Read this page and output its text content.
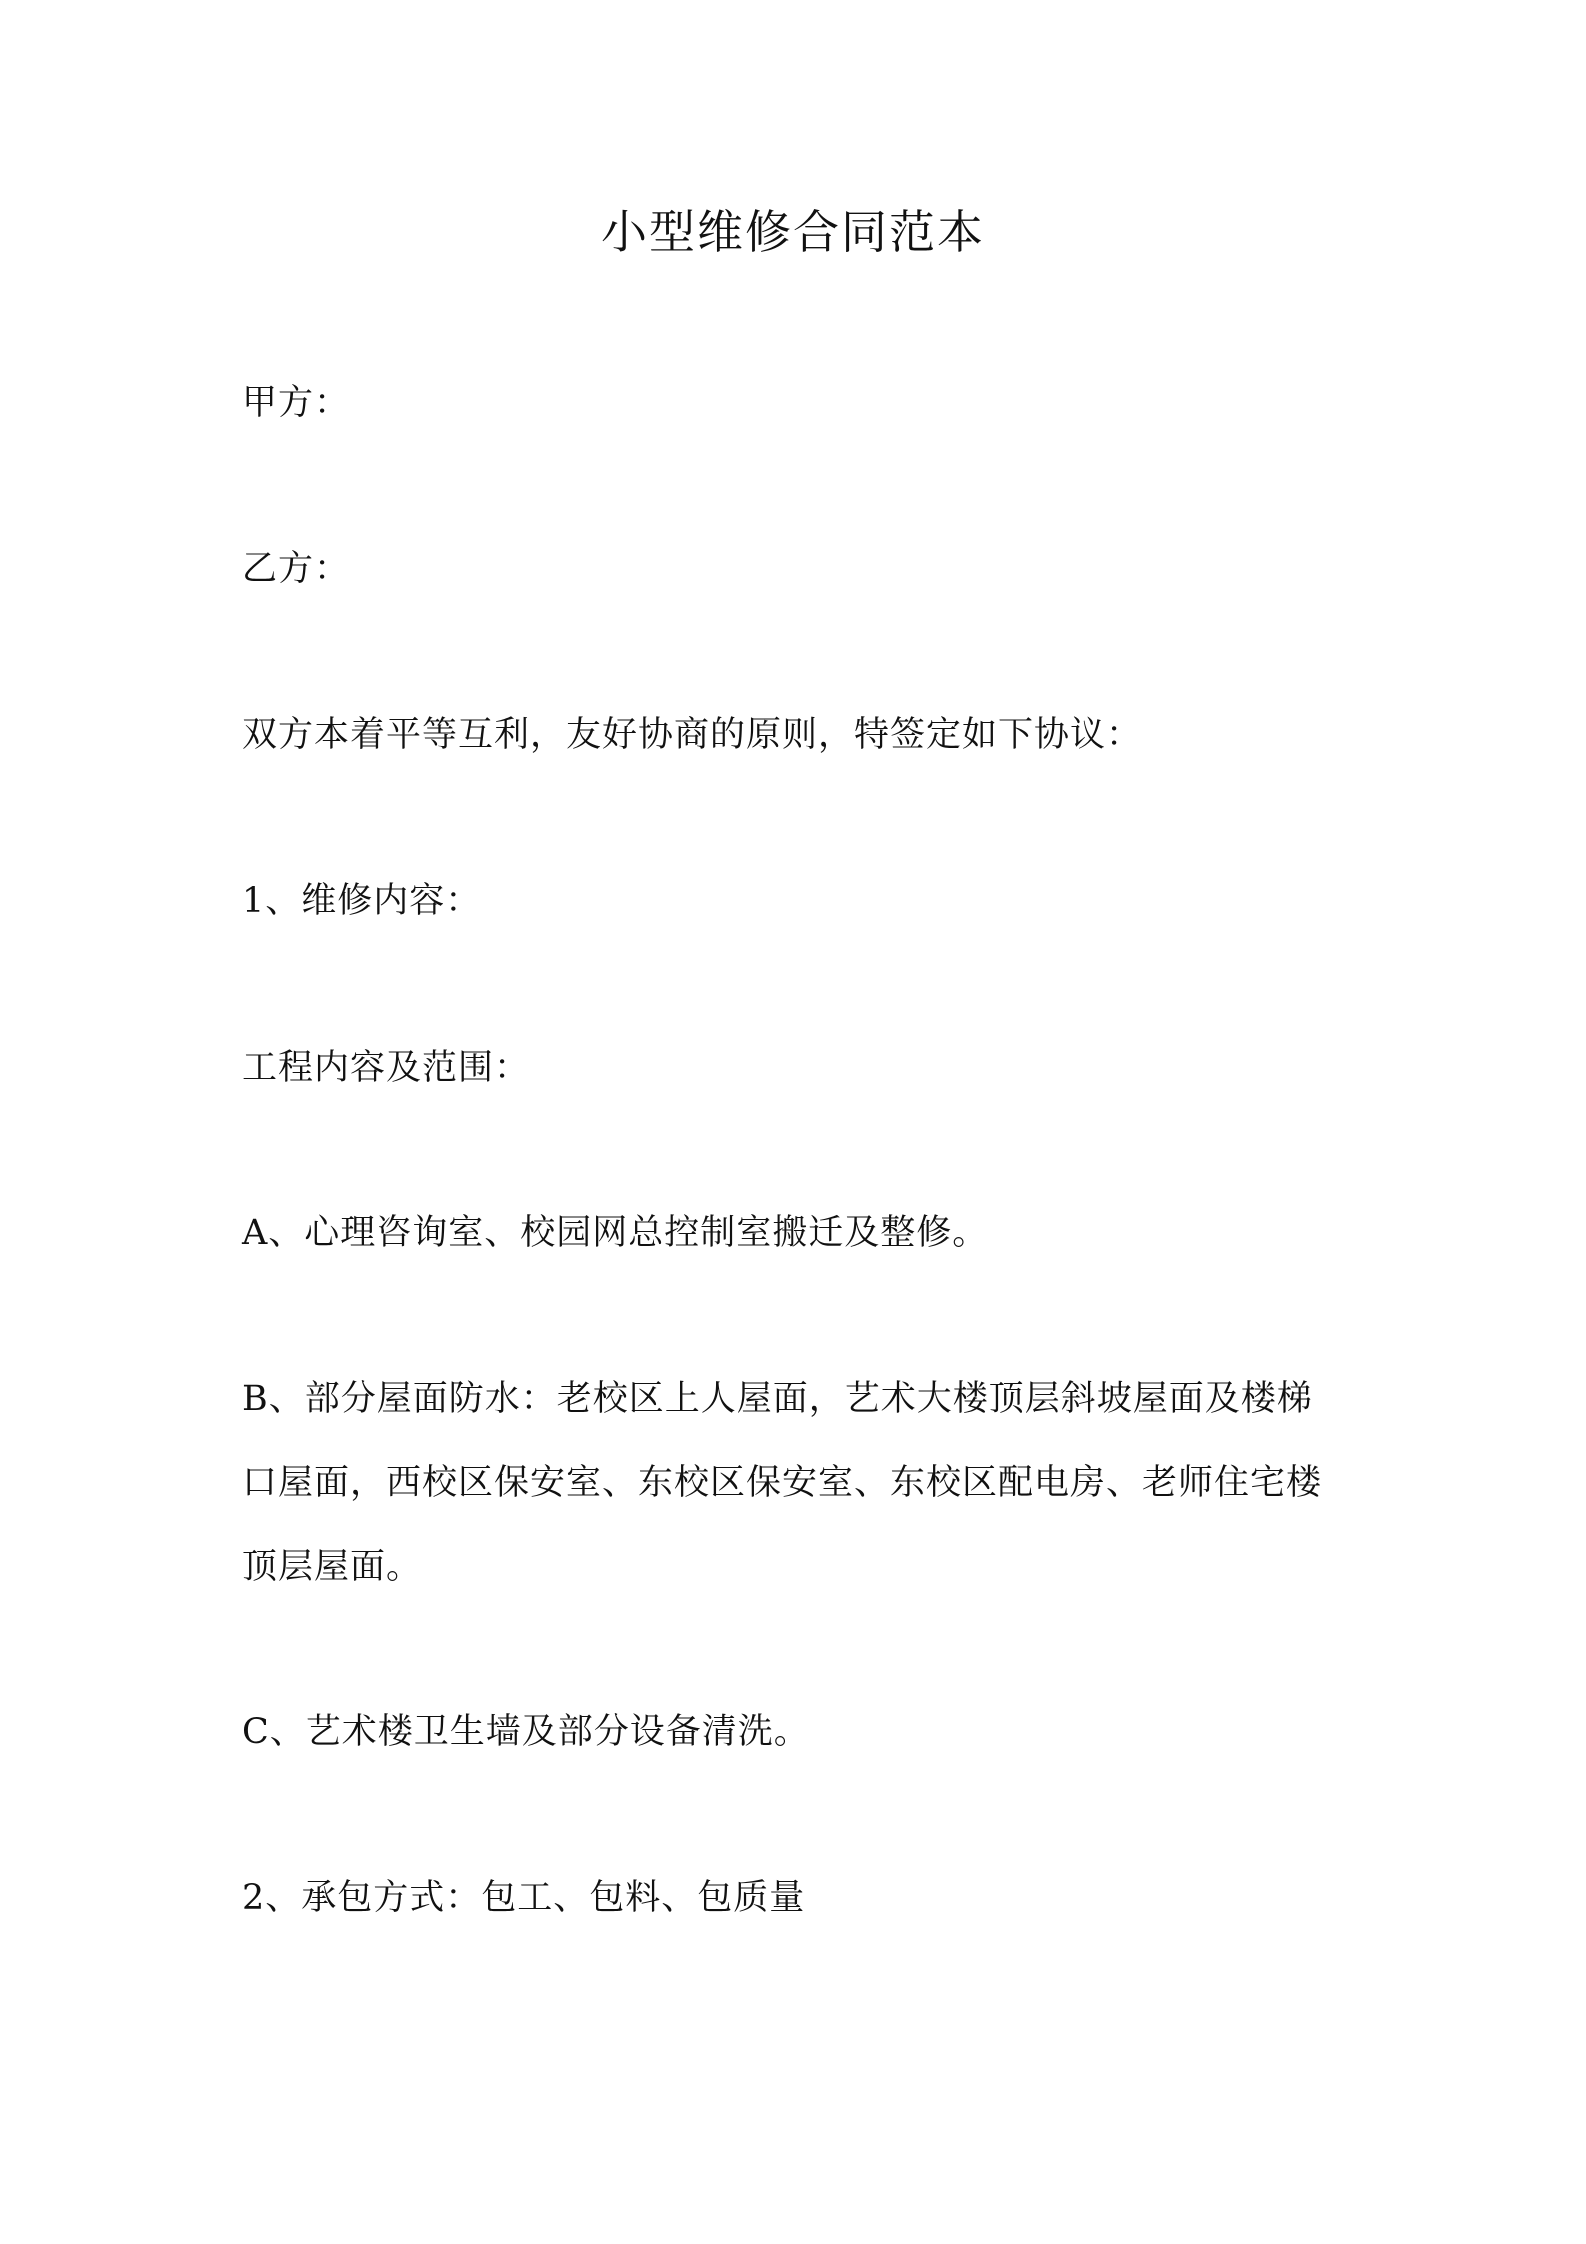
小型维修合同范本
甲方：
乙方：
双方本着平等互利，友好协商的原则，特签定如下协议：
1、维修内容：
工程内容及范围：
A、心理咨询室、校园网总控制室搬迁及整修。
B、部分屋面防水：老校区上人屋面，艺术大楼顶层斜坡屋面及楼梯
口屋面，西校区保安室、东校区保安室、东校区配电房、老师住宅楼
顶层屋面。
C、艺术楼卫生墙及部分设备清洗。
2、承包方式：包工、包料、包质量
